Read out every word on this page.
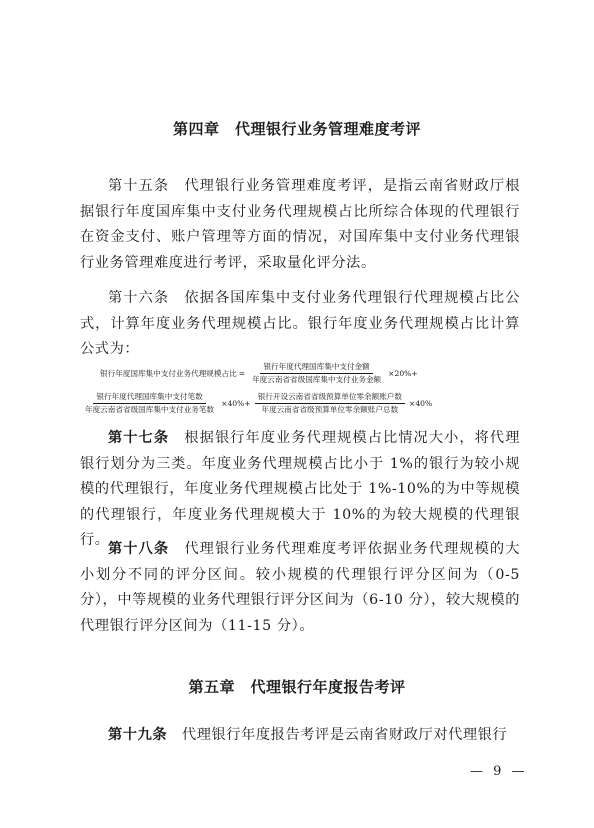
第四章　代理银行业务管理难度考评

第十五条　代理银行业务管理难度考评，是指云南省财政厅根据银行年度国库集中支付业务代理规模占比所综合体现的代理银行在资金支付、账户管理等方面的情况，对国库集中支付业务代理银行业务管理难度进行考评，采取量化评分法。

第十六条　依据各国库集中支付业务代理银行代理规模占比公式，计算年度业务代理规模占比。银行年度业务代理规模占比计算公式为：

银行年度国库集中支付业务代理规模占比 = $\frac{\text{银行年度代理国库集中支付金额}}{\text{年度云南省省级国库集中支付业务金额}} \times 20\%+$
$\frac{\text{银行年度代理国库集中支付笔数}}{\text{年度云南省省级国库集中支付业务笔数}} \times 40\%+ \frac{\text{银行开设云南省省级预算单位零余额账户数}}{\text{年度云南省省级预算单位零余额账户总数}} \times 40\%$

第十七条　根据银行年度业务代理规模占比情况大小，将代理银行划分为三类。年度业务代理规模占比小于 1%的银行为较小规模的代理银行，年度业务代理规模占比处于 1%-10%的为中等规模的代理银行，年度业务代理规模大于 10%的为较大规模的代理银行。

第十八条　代理银行业务代理难度考评依据业务代理规模的大小划分不同的评分区间。较小规模的代理银行评分区间为（0-5 分），中等规模的业务代理银行评分区间为（6-10 分），较大规模的代理银行评分区间为（11-15 分）。

第五章　代理银行年度报告考评

第十九条　代理银行年度报告考评是云南省财政厅对代理银行

— 9 —
